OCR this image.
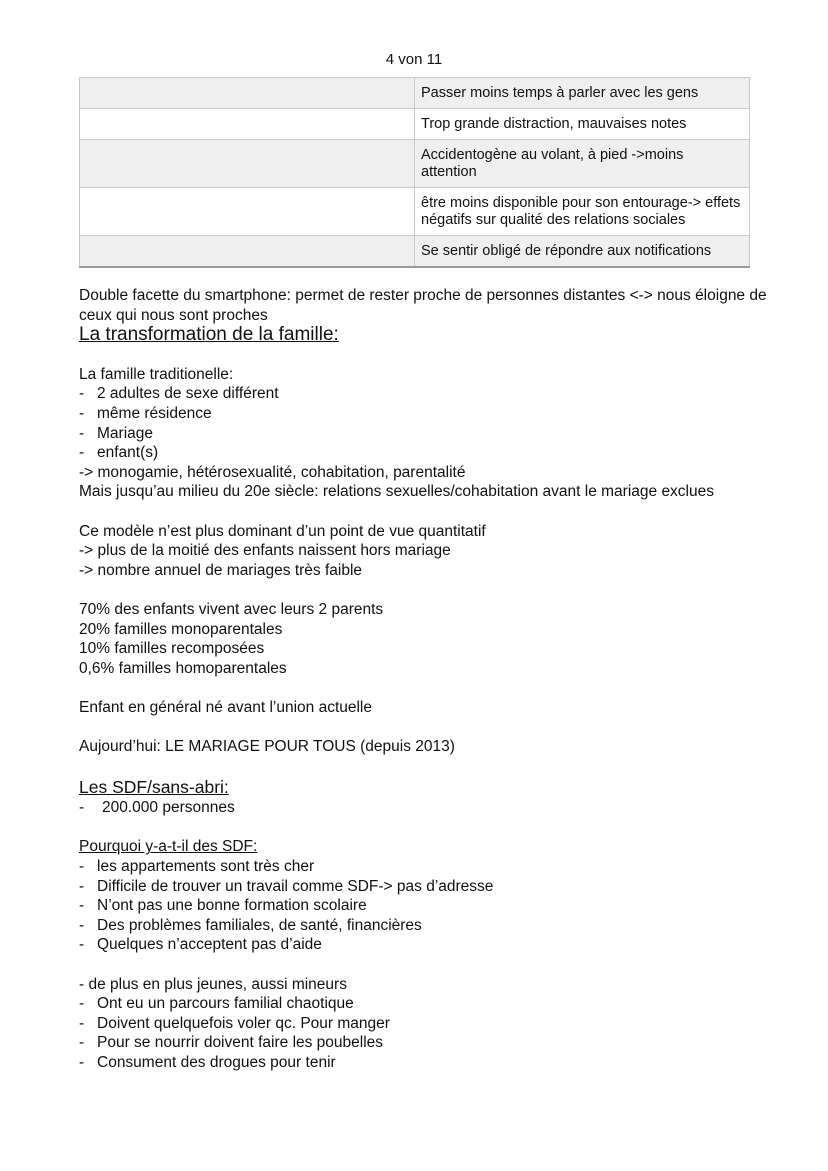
4 von 11
	Passer moins temps à parler avec les gens
	Trop grande distraction, mauvaises notes
	Accidentogène au volant, à pied ->moins attention
	être moins disponible pour son entourage-> effets négatifs sur qualité des relations sociales
	Se sentir obligé de répondre aux notifications

Double facette du smartphone: permet de rester proche de personnes distantes <-> nous éloigne de ceux qui nous sont proches

La transformation de la famille:

La famille traditionelle:

- 2 adultes de sexe différent

- même résidence

- Mariage

- enfant(s)

-> monogamie, hétérosexualité, cohabitation, parentalité

Mais jusqu’au milieu du 20e siècle: relations sexuelles/cohabitation avant le mariage exclues

Ce modèle n’est plus dominant d’un point de vue quantitatif

-> plus de la moitié des enfants naissent hors mariage

-> nombre annuel de mariages très faible

70% des enfants vivent avec leurs 2 parents

20% familles monoparentales

10% familles recomposées

0,6% familles homoparentales

Enfant en général né avant l’union actuelle

Aujourd’hui: LE MARIAGE POUR TOUS (depuis 2013)

Les SDF/sans-abri:

- 200.000 personnes

Pourquoi y-a-t-il des SDF:

- les appartements sont très cher

- Difficile de trouver un travail comme SDF-> pas d’adresse

- N’ont pas une bonne formation scolaire

- Des problèmes familiales, de santé, financières

- Quelques n’acceptent pas d’aide

- de plus en plus jeunes, aussi mineurs

- Ont eu un parcours familial chaotique

- Doivent quelquefois voler qc. Pour manger

- Pour se nourrir doivent faire les poubelles

- Consument des drogues pour tenir
